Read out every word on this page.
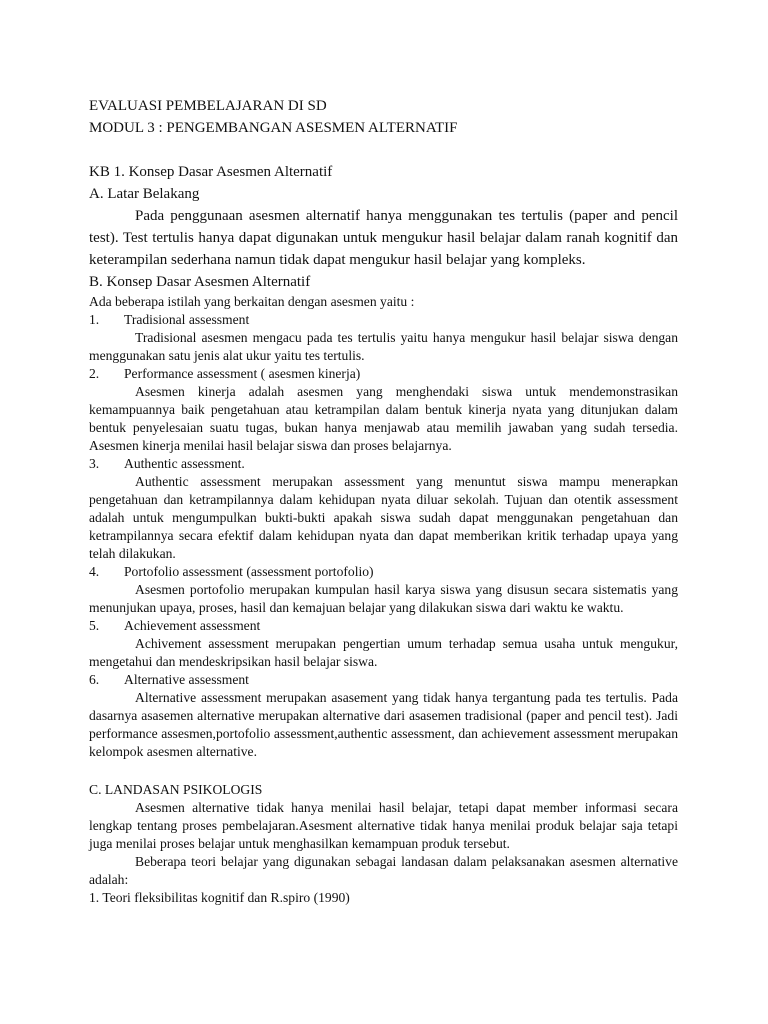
EVALUASI PEMBELAJARAN DI SD

MODUL 3 : PENGEMBANGAN ASESMEN ALTERNATIF

KB 1. Konsep Dasar Asesmen Alternatif

A. Latar Belakang

Pada penggunaan asesmen alternatif hanya menggunakan tes tertulis (paper and pencil test). Test tertulis hanya dapat digunakan untuk mengukur hasil belajar dalam ranah kognitif dan keterampilan sederhana namun tidak dapat mengukur hasil belajar yang kompleks.

B. Konsep Dasar Asesmen Alternatif

Ada beberapa istilah yang berkaitan dengan asesmen yaitu :

1.	Tradisional assessment

Tradisional asesmen mengacu pada tes tertulis yaitu hanya mengukur hasil belajar siswa dengan menggunakan satu jenis alat ukur yaitu tes tertulis.

2.	Performance assessment ( asesmen kinerja)

Asesmen kinerja adalah asesmen yang menghendaki siswa untuk mendemonstrasikan kemampuannya baik pengetahuan atau ketrampilan dalam bentuk kinerja nyata yang ditunjukan dalam bentuk penyelesaian suatu tugas, bukan hanya menjawab atau memilih jawaban yang sudah tersedia. Asesmen kinerja menilai hasil belajar siswa dan proses belajarnya.

3.	Authentic assessment.

Authentic assessment merupakan assessment yang menuntut siswa mampu menerapkan pengetahuan dan ketrampilannya dalam kehidupan nyata diluar sekolah. Tujuan dan otentik assessment adalah untuk mengumpulkan bukti-bukti apakah siswa sudah dapat menggunakan pengetahuan dan ketrampilannya secara efektif dalam kehidupan nyata dan dapat memberikan kritik terhadap upaya yang telah dilakukan.

4.	Portofolio assessment (assessment portofolio)

Asesmen portofolio merupakan kumpulan hasil karya siswa yang disusun secara sistematis yang menunjukan upaya, proses, hasil dan kemajuan belajar yang dilakukan siswa dari waktu ke waktu.

5.	Achievement assessment

Achivement assessment merupakan pengertian umum terhadap semua usaha untuk mengukur, mengetahui dan mendeskripsikan hasil belajar siswa.

6.	Alternative assessment

Alternative assessment merupakan asasement yang tidak hanya tergantung pada tes tertulis. Pada dasarnya asasemen alternative merupakan alternative dari asasemen tradisional (paper and pencil test). Jadi performance assesmen,portofolio assessment,authentic assessment, dan achievement assessment merupakan kelompok asesmen alternative.

C. LANDASAN PSIKOLOGIS

Asesmen alternative tidak hanya menilai hasil belajar, tetapi dapat member informasi secara lengkap tentang proses pembelajaran.Asesment alternative tidak hanya menilai produk belajar saja tetapi juga menilai proses belajar untuk menghasilkan kemampuan produk tersebut.

Beberapa teori belajar yang digunakan sebagai landasan dalam pelaksanakan asesmen alternative adalah:

1. Teori fleksibilitas kognitif dan R.spiro (1990)
